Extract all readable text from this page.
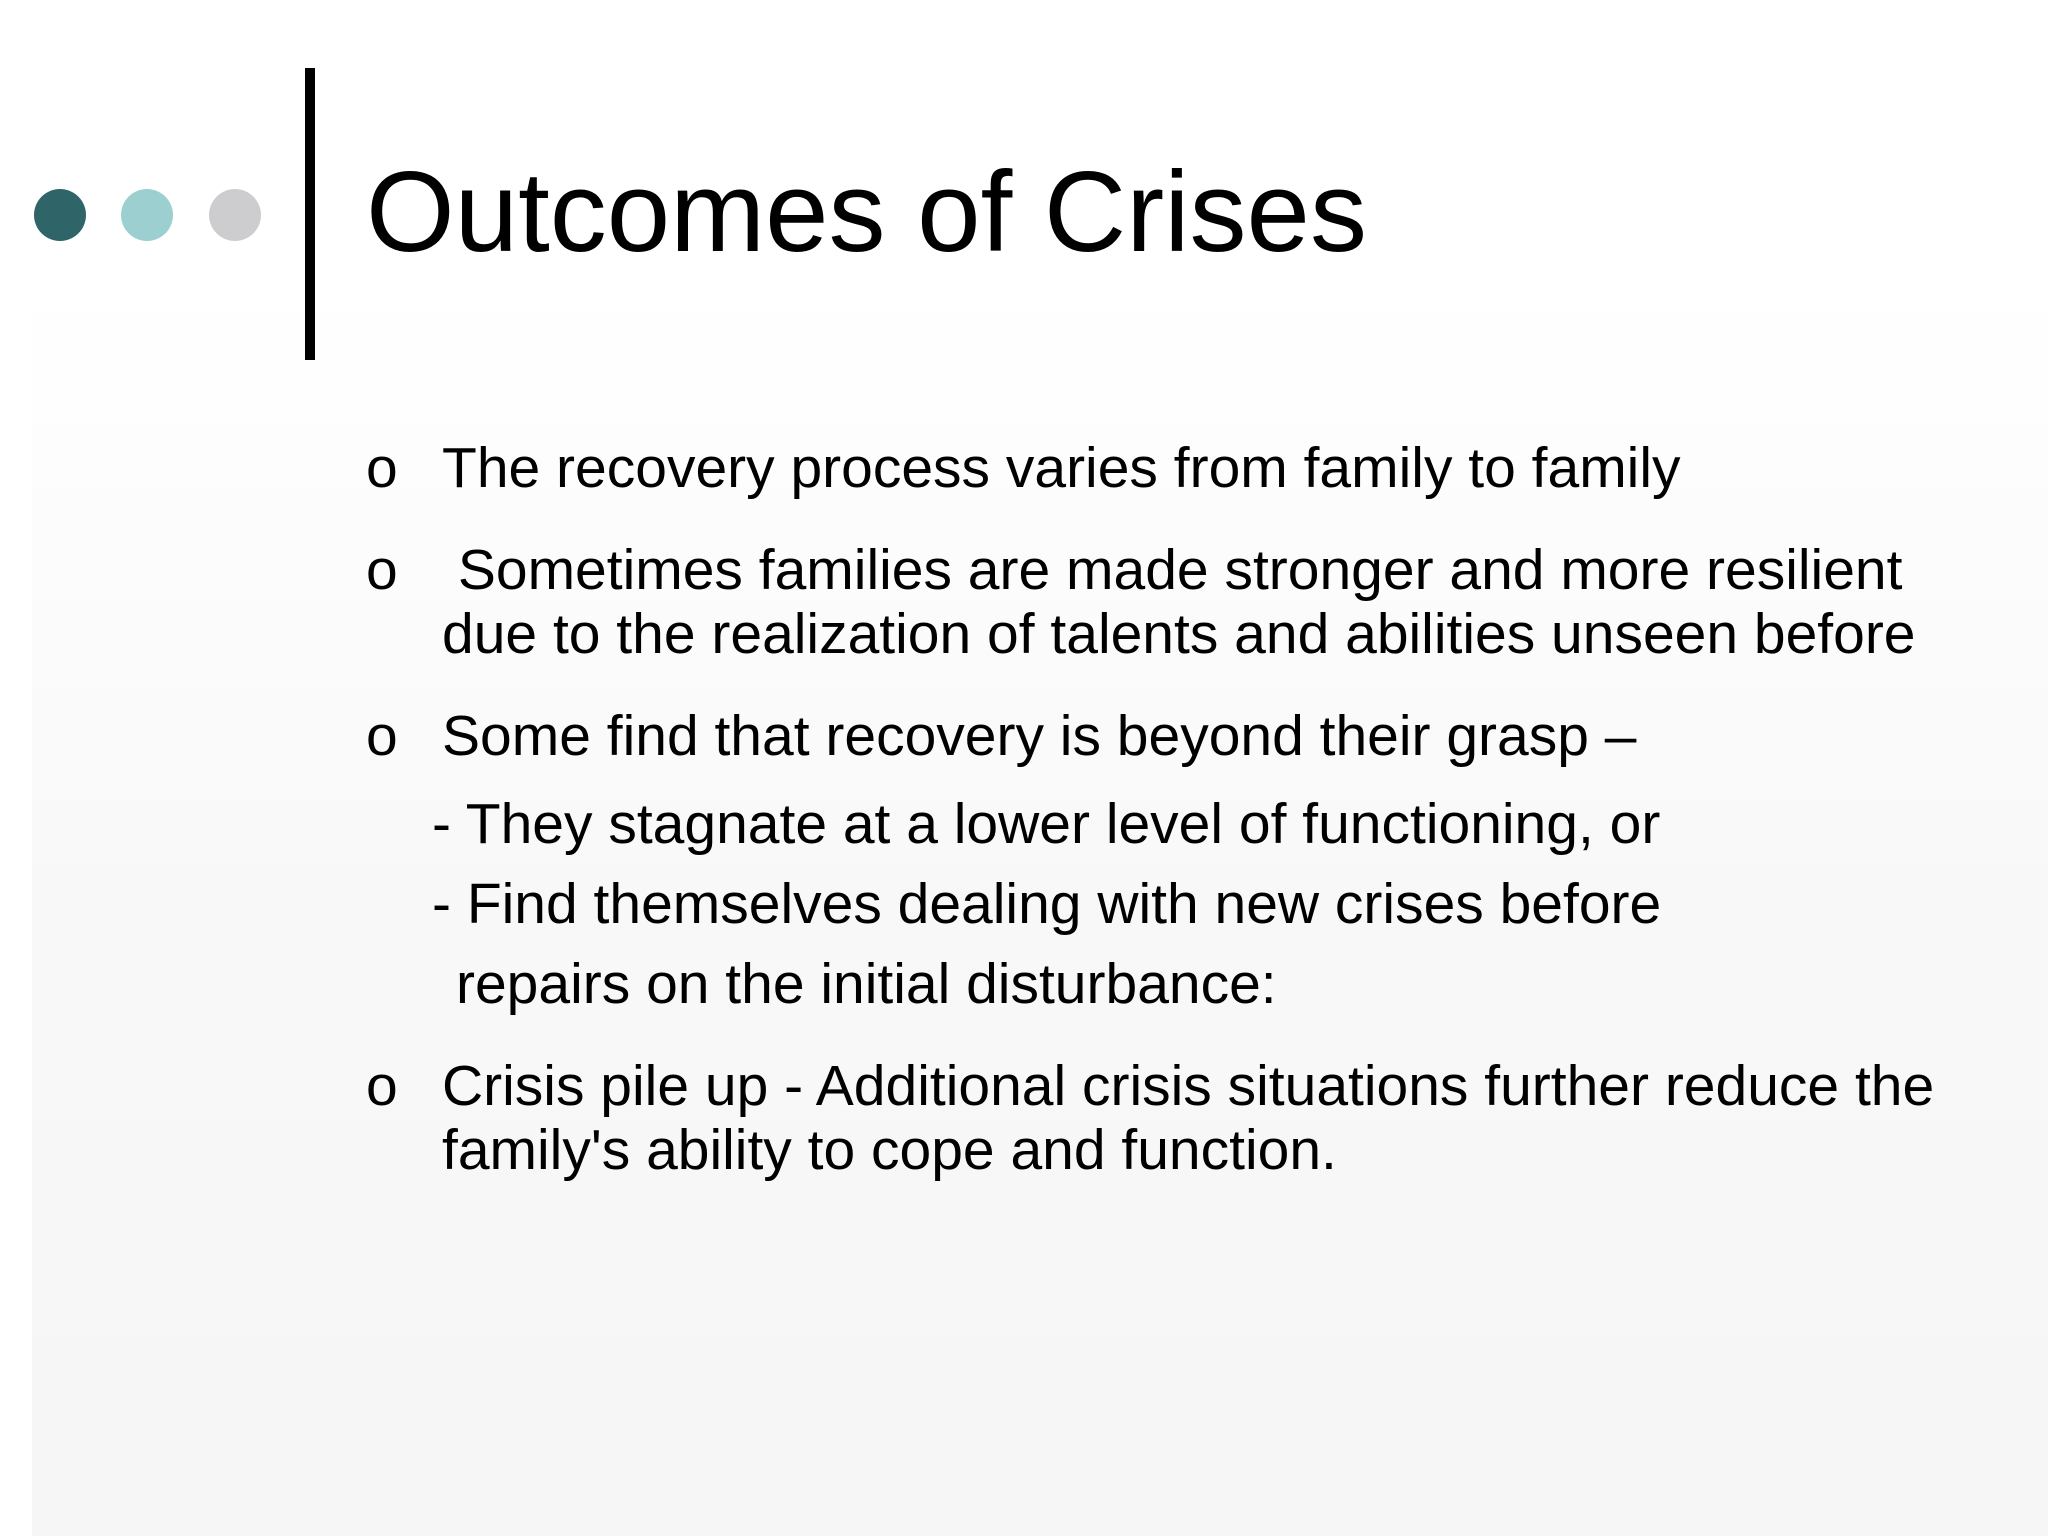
Outcomes of Crises
o The recovery process varies from family to family
o Sometimes families are made stronger and more resilient due to the realization of talents and abilities unseen before
o Some find that recovery is beyond their grasp –
- They stagnate at a lower level of functioning, or
- Find themselves dealing with new crises before
repairs on the initial disturbance:
o Crisis pile up - Additional crisis situations further reduce the family's ability to cope and function.
